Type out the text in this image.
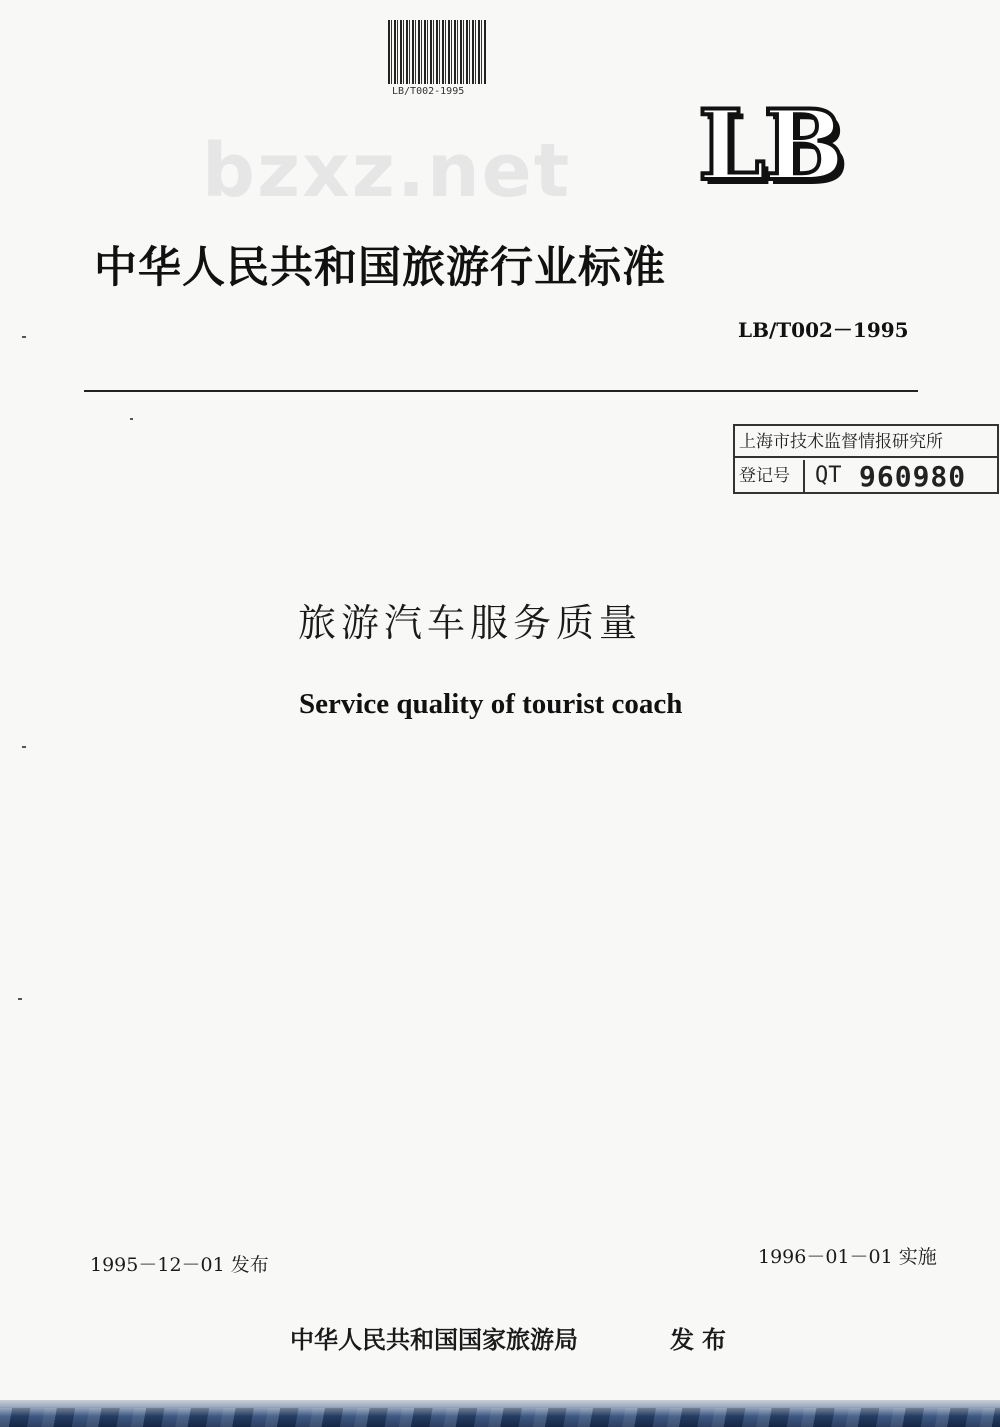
LB/T002-1995
bzxz.net LB
中华人民共和国旅游行业标准
LB/T002－1995
上海市技术监督情报研究所
登记号	QT 960980
旅游汽车服务质量
Service quality of tourist coach
1995－12－01 发布	1996－01－01 实施
中华人民共和国国家旅游局	发布
